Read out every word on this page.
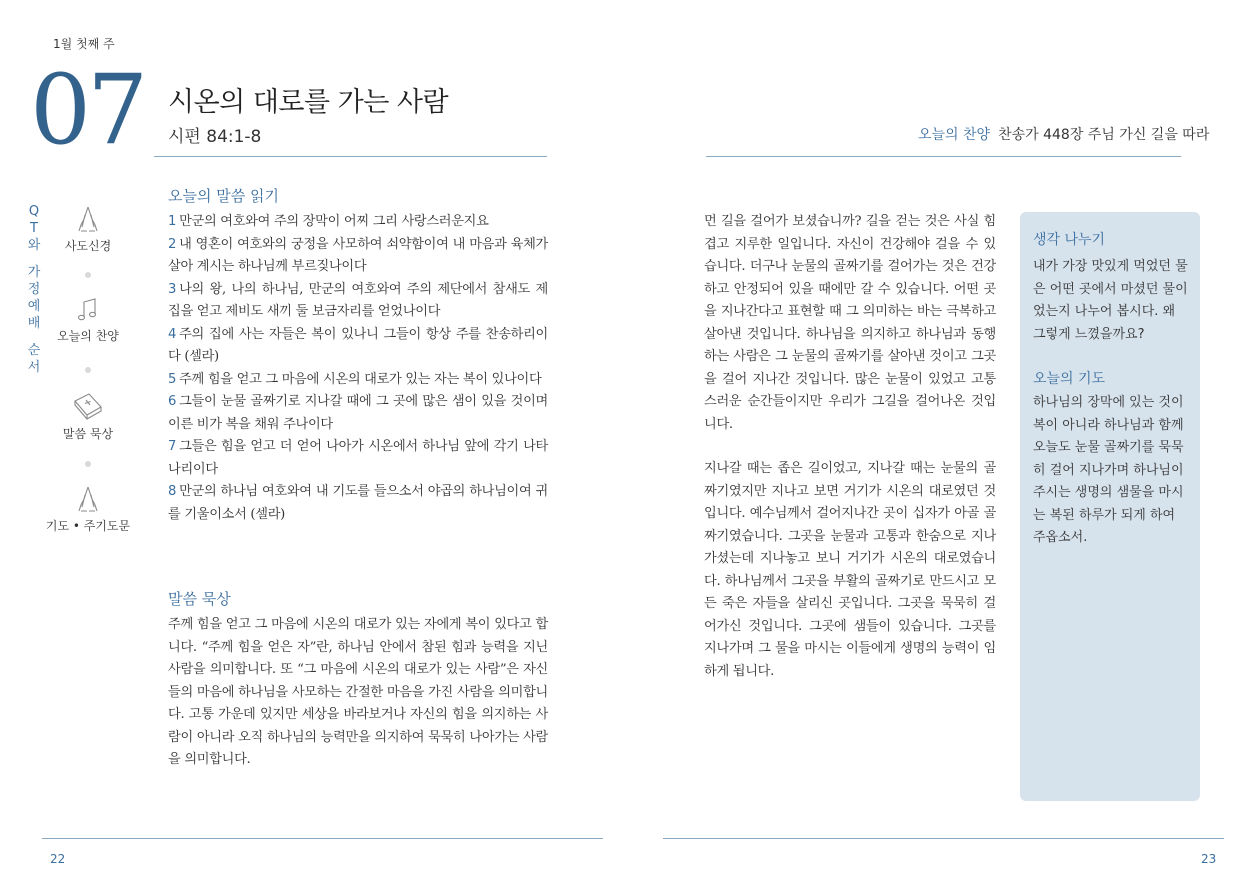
1월 첫째 주
07 시온의 대로를 가는 사람
시편 84:1-8	오늘의 찬양 찬송가 448장 주님 가신 길을 따라
Q
T
와
가
정
예
배
순
서
사도신경
오늘의 찬양
말씀 묵상
기도 • 주기도문
오늘의 말씀 읽기

1 만군의 여호와여 주의 장막이 어찌 그리 사랑스러운지요

2 내 영혼이 여호와의 궁정을 사모하여 쇠약함이여 내 마음과 육체가 살아 계시는 하나님께 부르짖나이다

3 나의 왕, 나의 하나님, 만군의 여호와여 주의 제단에서 참새도 제 집을 얻고 제비도 새끼 둘 보금자리를 얻었나이다

4 주의 집에 사는 자들은 복이 있나니 그들이 항상 주를 찬송하리이다 (셀라)

5 주께 힘을 얻고 그 마음에 시온의 대로가 있는 자는 복이 있나이다

6 그들이 눈물 골짜기로 지나갈 때에 그 곳에 많은 샘이 있을 것이며 이른 비가 복을 채워 주나이다

7 그들은 힘을 얻고 더 얻어 나아가 시온에서 하나님 앞에 각기 나타나리이다

8 만군의 하나님 여호와여 내 기도를 들으소서 야곱의 하나님이여 귀를 기울이소서 (셀라)

말씀 묵상

주께 힘을 얻고 그 마음에 시온의 대로가 있는 자에게 복이 있다고 합니다. “주께 힘을 얻은 자”란, 하나님 안에서 참된 힘과 능력을 지닌 사람을 의미합니다. 또 “그 마음에 시온의 대로가 있는 사람”은 자신들의 마음에 하나님을 사모하는 간절한 마음을 가진 사람을 의미합니다. 고통 가운데 있지만 세상을 바라보거나 자신의 힘을 의지하는 사람이 아니라 오직 하나님의 능력만을 의지하여 묵묵히 나아가는 사람을 의미합니다.

먼 길을 걸어가 보셨습니까? 길을 걷는 것은 사실 힘겹고 지루한 일입니다. 자신이 건강해야 걸을 수 있습니다. 더구나 눈물의 골짜기를 걸어가는 것은 건강하고 안정되어 있을 때에만 갈 수 있습니다. 어떤 곳을 지나간다고 표현할 때 그 의미하는 바는 극복하고 살아낸 것입니다. 하나님을 의지하고 하나님과 동행하는 사람은 그 눈물의 골짜기를 살아낸 것이고 그곳을 걸어 지나간 것입니다. 많은 눈물이 있었고 고통스러운 순간들이지만 우리가 그길을 걸어나온 것입니다.

지나갈 때는 좁은 길이었고, 지나갈 때는 눈물의 골짜기였지만 지나고 보면 거기가 시온의 대로였던 것입니다. 예수님께서 걸어지나간 곳이 십자가 아골 골짜기였습니다. 그곳을 눈물과 고통과 한숨으로 지나가셨는데 지나놓고 보니 거기가 시온의 대로였습니다. 하나님께서 그곳을 부활의 골짜기로 만드시고 모든 죽은 자들을 살리신 곳입니다. 그곳을 묵묵히 걸어가신 것입니다. 그곳에 샘들이 있습니다. 그곳를 지나가며 그 물을 마시는 이들에게 생명의 능력이 임하게 됩니다.

생각 나누기

내가 가장 맛있게 먹었던 물은 어떤 곳에서 마셨던 물이었는지 나누어 봅시다. 왜 그렇게 느꼈을까요?

오늘의 기도

하나님의 장막에 있는 것이 복이 아니라 하나님과 함께 오늘도 눈물 골짜기를 묵묵히 걸어 지나가며 하나님이 주시는 생명의 샘물을 마시는 복된 하루가 되게 하여 주옵소서.

22	23
